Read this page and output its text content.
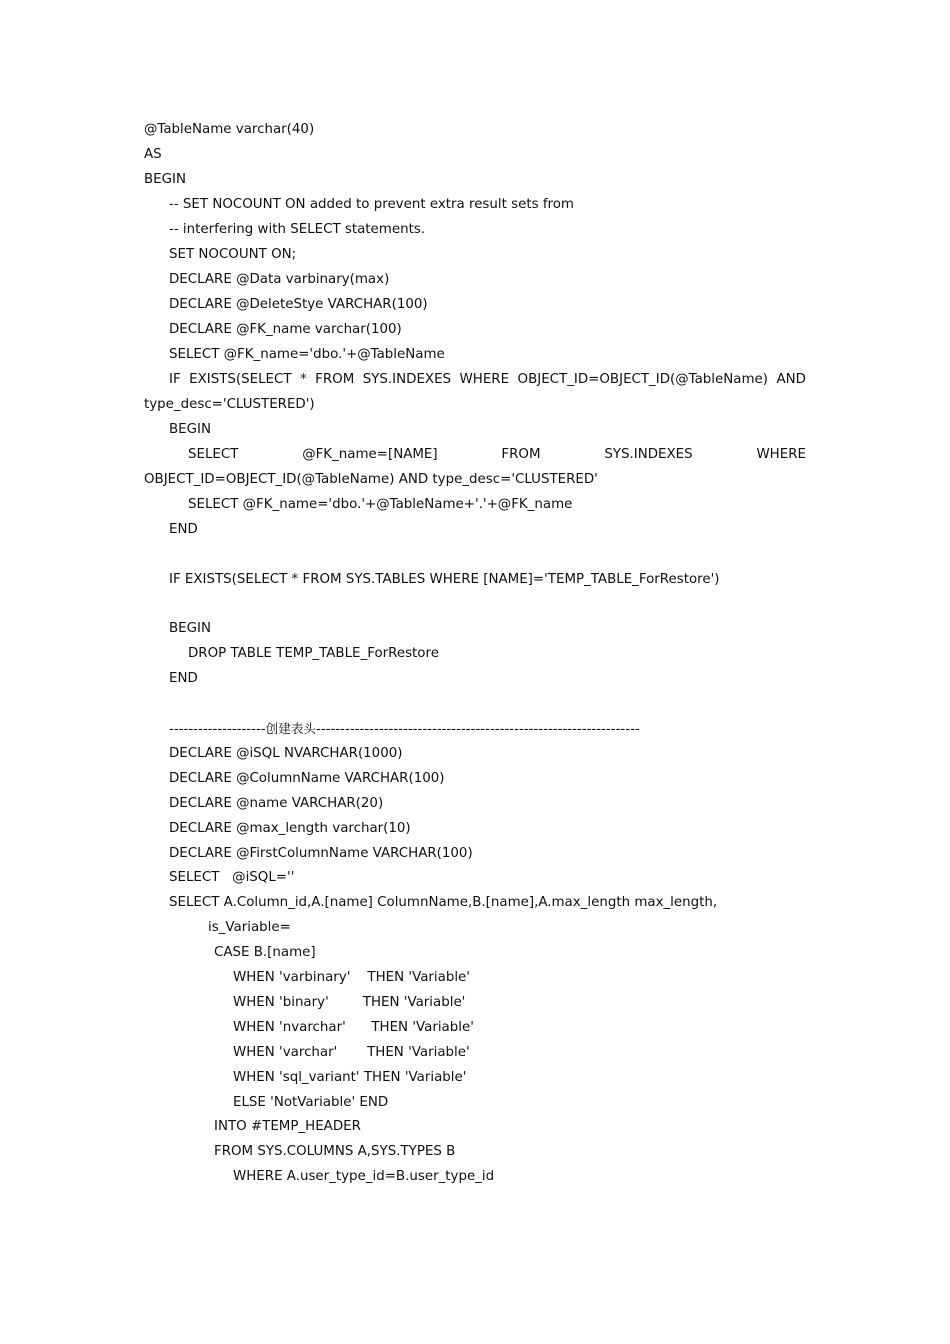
@TableName varchar(40)
AS
BEGIN
-- SET NOCOUNT ON added to prevent extra result sets from
-- interfering with SELECT statements.
SET NOCOUNT ON;
DECLARE @Data varbinary(max)
DECLARE @DeleteStye VARCHAR(100)
DECLARE @FK_name varchar(100)
SELECT @FK_name='dbo.'+@TableName
IF EXISTS(SELECT * FROM SYS.INDEXES WHERE OBJECT_ID=OBJECT_ID(@TableName) AND
type_desc='CLUSTERED')
BEGIN
SELECT	@FK_name=[NAME]	FROM	SYS.INDEXES	WHERE
OBJECT_ID=OBJECT_ID(@TableName) AND type_desc='CLUSTERED'
SELECT @FK_name='dbo.'+@TableName+'.'+@FK_name
END
IF EXISTS(SELECT * FROM SYS.TABLES WHERE [NAME]='TEMP_TABLE_ForRestore')
BEGIN
DROP TABLE TEMP_TABLE_ForRestore
END
--------------------创建表头-------------------------------------------------------------------
DECLARE @iSQL NVARCHAR(1000)
DECLARE @ColumnName VARCHAR(100)
DECLARE @name VARCHAR(20)
DECLARE @max_length varchar(10)
DECLARE @FirstColumnName VARCHAR(100)
SELECT   @iSQL=''
SELECT A.Column_id,A.[name] ColumnName,B.[name],A.max_length max_length,
is_Variable=
CASE B.[name]
WHEN 'varbinary'    THEN 'Variable'
WHEN 'binary'        THEN 'Variable'
WHEN 'nvarchar'      THEN 'Variable'
WHEN 'varchar'       THEN 'Variable'
WHEN 'sql_variant' THEN 'Variable'
ELSE 'NotVariable' END
INTO #TEMP_HEADER
FROM SYS.COLUMNS A,SYS.TYPES B
WHERE A.user_type_id=B.user_type_id
